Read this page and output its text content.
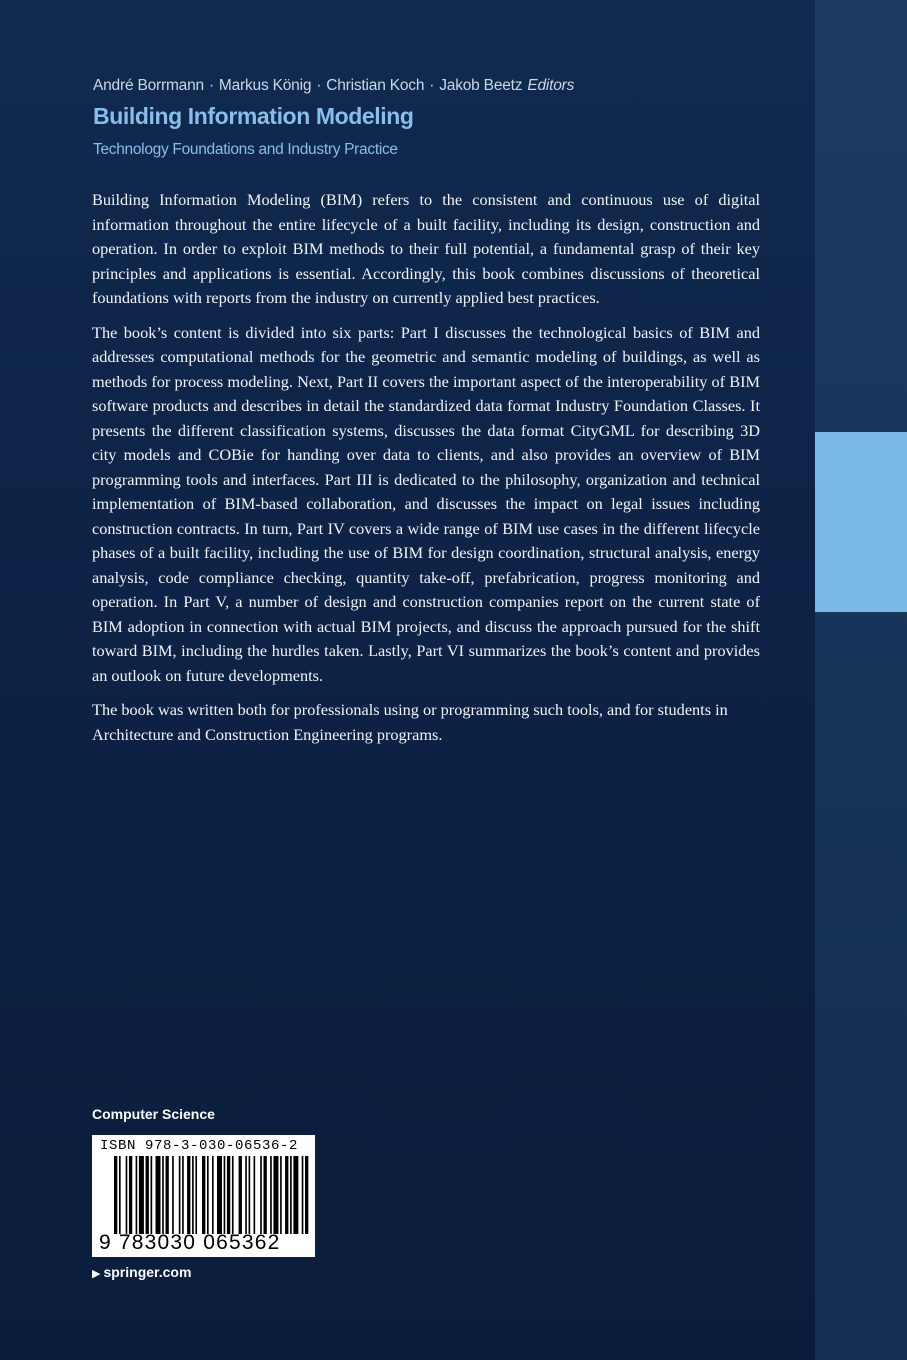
André Borrmann · Markus König · Christian Koch · Jakob Beetz Editors
Building Information Modeling
Technology Foundations and Industry Practice

Building Information Modeling (BIM) refers to the consistent and continuous use of digital information throughout the entire lifecycle of a built facility, including its design, construction and operation. In order to exploit BIM methods to their full potential, a fundamental grasp of their key principles and applications is essential. Accordingly, this book combines discussions of theoretical foundations with reports from the industry on currently applied best practices.

The book’s content is divided into six parts: Part I discusses the technological basics of BIM and addresses computational methods for the geometric and semantic modeling of buildings, as well as methods for process modeling. Next, Part II covers the important aspect of the interoperability of BIM software products and describes in detail the standardized data format Industry Foundation Classes. It presents the different classification systems, discusses the data format CityGML for describing 3D city models and COBie for handing over data to clients, and also provides an overview of BIM programming tools and interfaces. Part III is dedicated to the philosophy, organization and technical implementation of BIM-based collaboration, and discusses the impact on legal issues including construction contracts. In turn, Part IV covers a wide range of BIM use cases in the different lifecycle phases of a built facility, including the use of BIM for design coordination, structural analysis, energy analysis, code compliance checking, quantity take-off, prefabrication, progress monitoring and operation. In Part V, a number of design and construction companies report on the current state of BIM adoption in connection with actual BIM projects, and discuss the approach pursued for the shift toward BIM, including the hurdles taken. Lastly, Part VI summarizes the book’s content and provides an outlook on future developments.

The book was written both for professionals using or programming such tools, and for students in Architecture and Construction Engineering programs.

Computer Science
ISBN 978-3-030-06536-2
9 783030 065362
▶ springer.com
